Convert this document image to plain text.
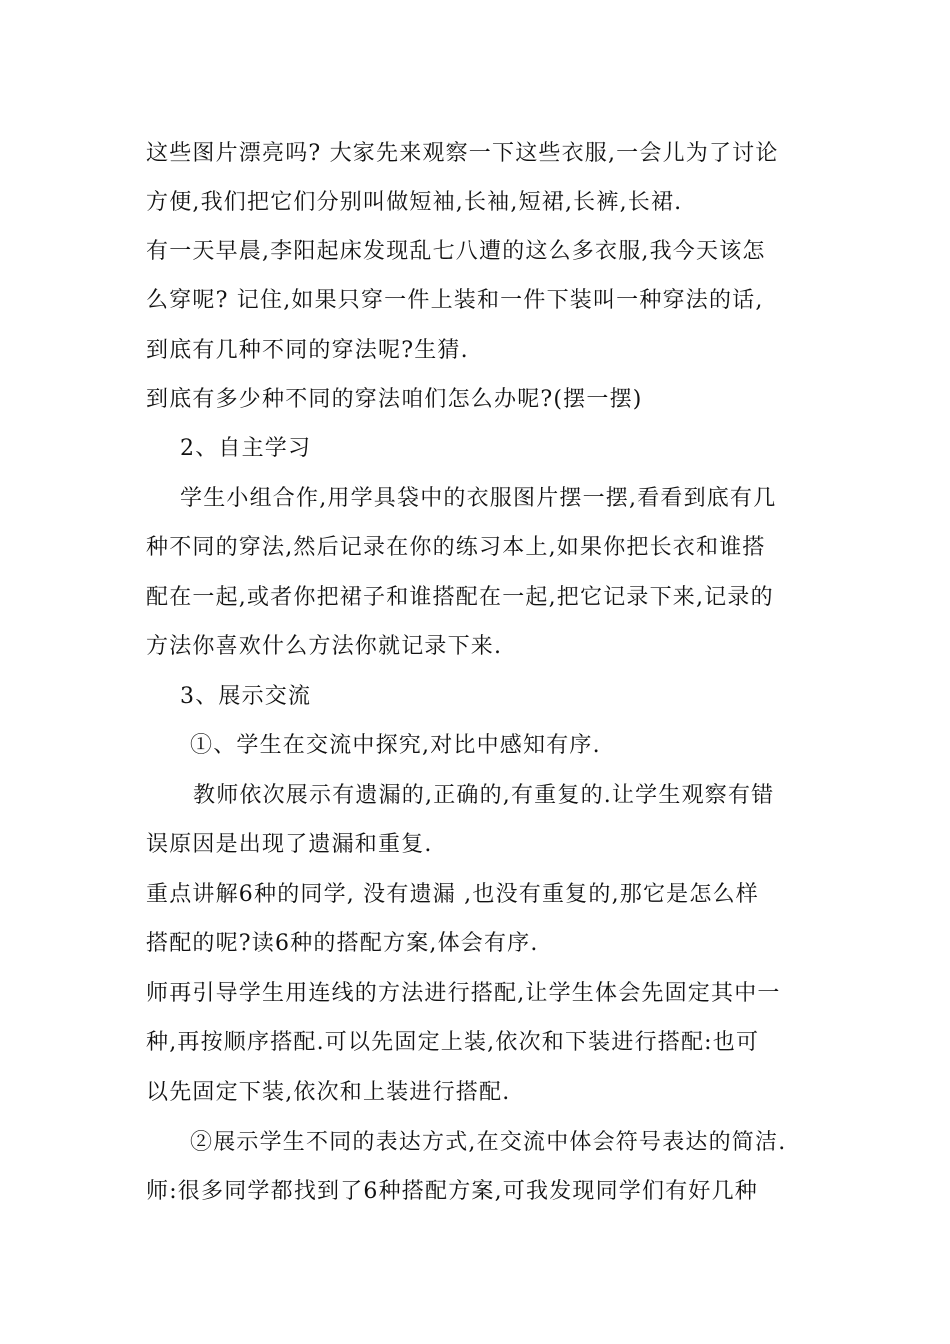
这些图片漂亮吗? 大家先来观察一下这些衣服,一会儿为了讨论
方便,我们把它们分别叫做短袖,长袖,短裙,长裤,长裙.
有一天早晨,李阳起床发现乱七八遭的这么多衣服,我今天该怎
么穿呢? 记住,如果只穿一件上装和一件下装叫一种穿法的话,
到底有几种不同的穿法呢?生猜.
到底有多少种不同的穿法咱们怎么办呢?(摆一摆)
2、自主学习
学生小组合作,用学具袋中的衣服图片摆一摆,看看到底有几
种不同的穿法,然后记录在你的练习本上,如果你把长衣和谁搭
配在一起,或者你把裙子和谁搭配在一起,把它记录下来,记录的
方法你喜欢什么方法你就记录下来.
3、展示交流
①、学生在交流中探究,对比中感知有序.
教师依次展示有遗漏的,正确的,有重复的.让学生观察有错
误原因是出现了遗漏和重复.
重点讲解6种的同学, 没有遗漏 ,也没有重复的,那它是怎么样
搭配的呢?读6种的搭配方案,体会有序.
师再引导学生用连线的方法进行搭配,让学生体会先固定其中一
种,再按顺序搭配.可以先固定上装,依次和下装进行搭配:也可
以先固定下装,依次和上装进行搭配.
②展示学生不同的表达方式,在交流中体会符号表达的简洁.
师:很多同学都找到了6种搭配方案,可我发现同学们有好几种
